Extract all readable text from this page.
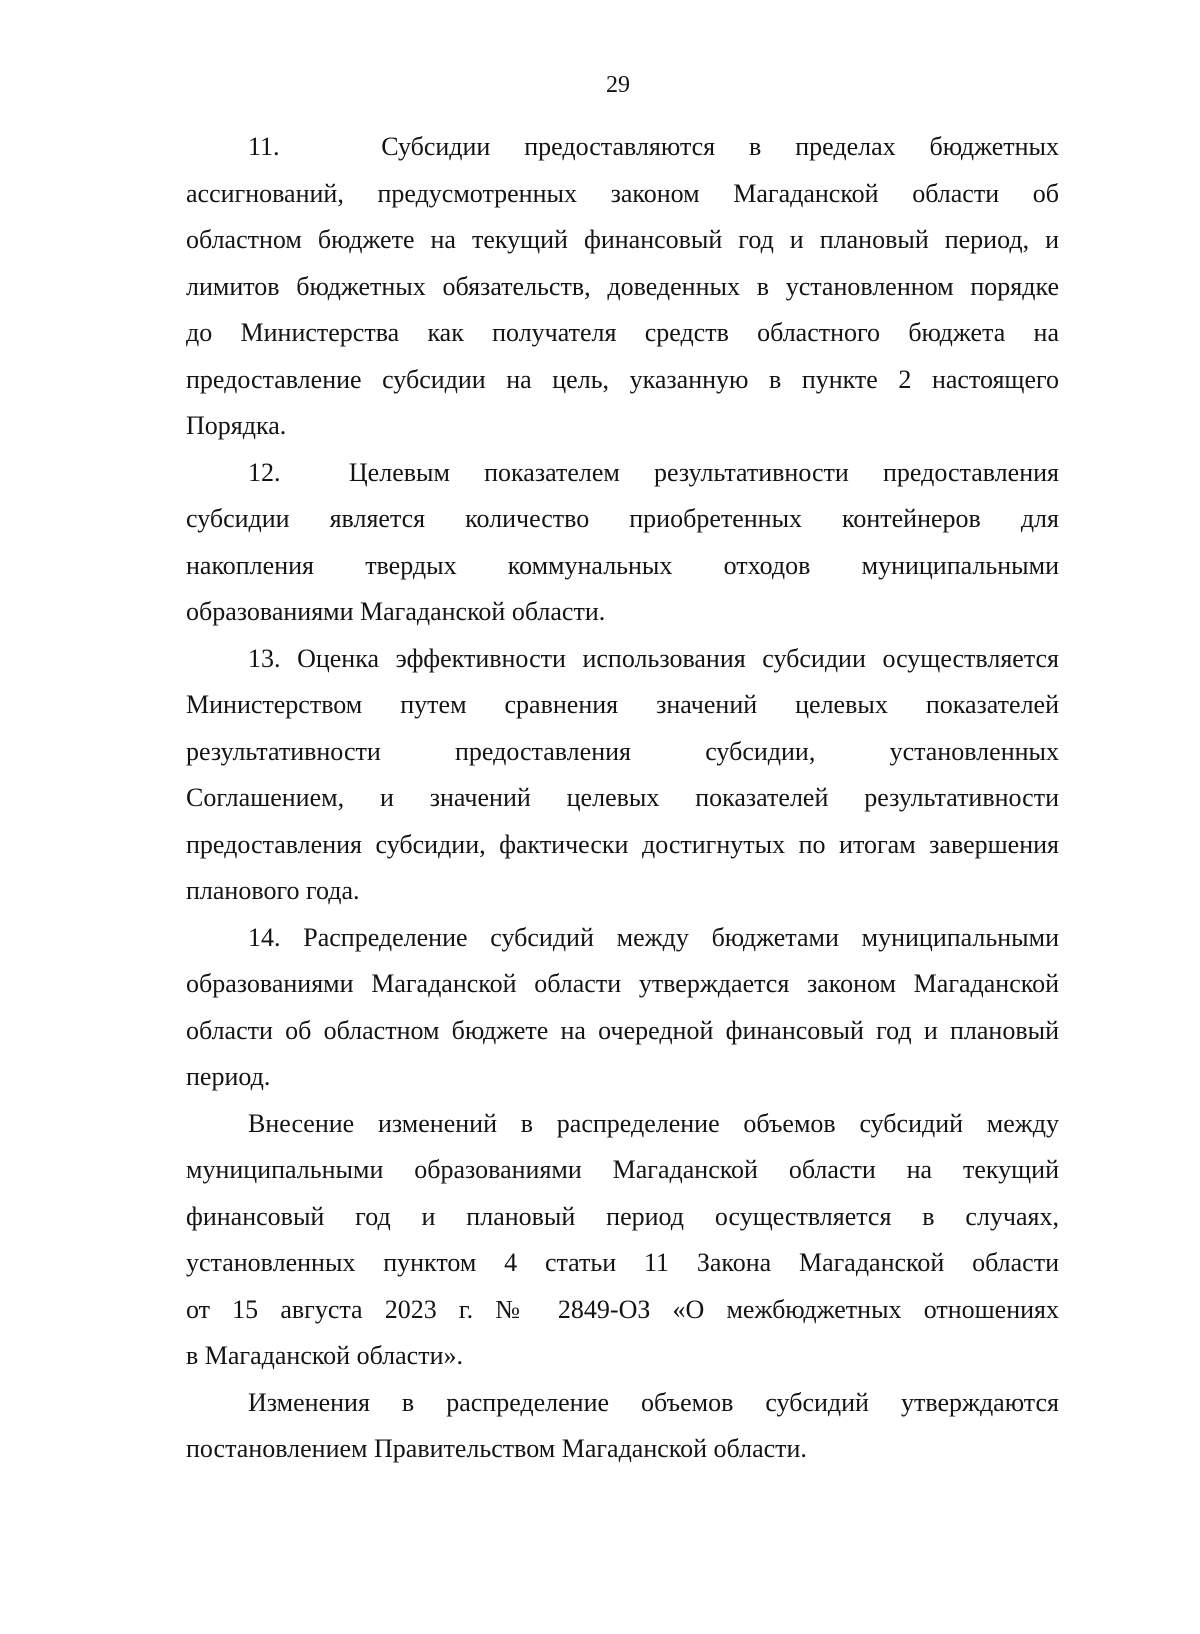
29
11.   Субсидии предоставляются в пределах бюджетных
ассигнований, предусмотренных законом Магаданской области об
областном бюджете на текущий финансовый год и плановый период, и
лимитов бюджетных обязательств, доведенных в установленном порядке
до Министерства как получателя средств областного бюджета на
предоставление субсидии на цель, указанную в пункте 2 настоящего
Порядка.
12.  Целевым показателем результативности предоставления
субсидии является количество приобретенных контейнеров для
накопления твердых коммунальных отходов муниципальными
образованиями Магаданской области.
13. Оценка эффективности использования субсидии осуществляется
Министерством путем сравнения значений целевых показателей
результативности предоставления субсидии, установленных
Соглашением, и значений целевых показателей результативности
предоставления субсидии, фактически достигнутых по итогам завершения
планового года.
14. Распределение субсидий между бюджетами муниципальными
образованиями Магаданской области утверждается законом Магаданской
области об областном бюджете на очередной финансовый год и плановый
период.
Внесение изменений в распределение объемов субсидий между
муниципальными образованиями Магаданской области на текущий
финансовый год и плановый период осуществляется в случаях,
установленных пунктом 4 статьи 11 Закона Магаданской области
от 15 августа 2023 г. № 2849-ОЗ «О межбюджетных отношениях
в Магаданской области».
Изменения в распределение объемов субсидий утверждаются
постановлением Правительством Магаданской области.
